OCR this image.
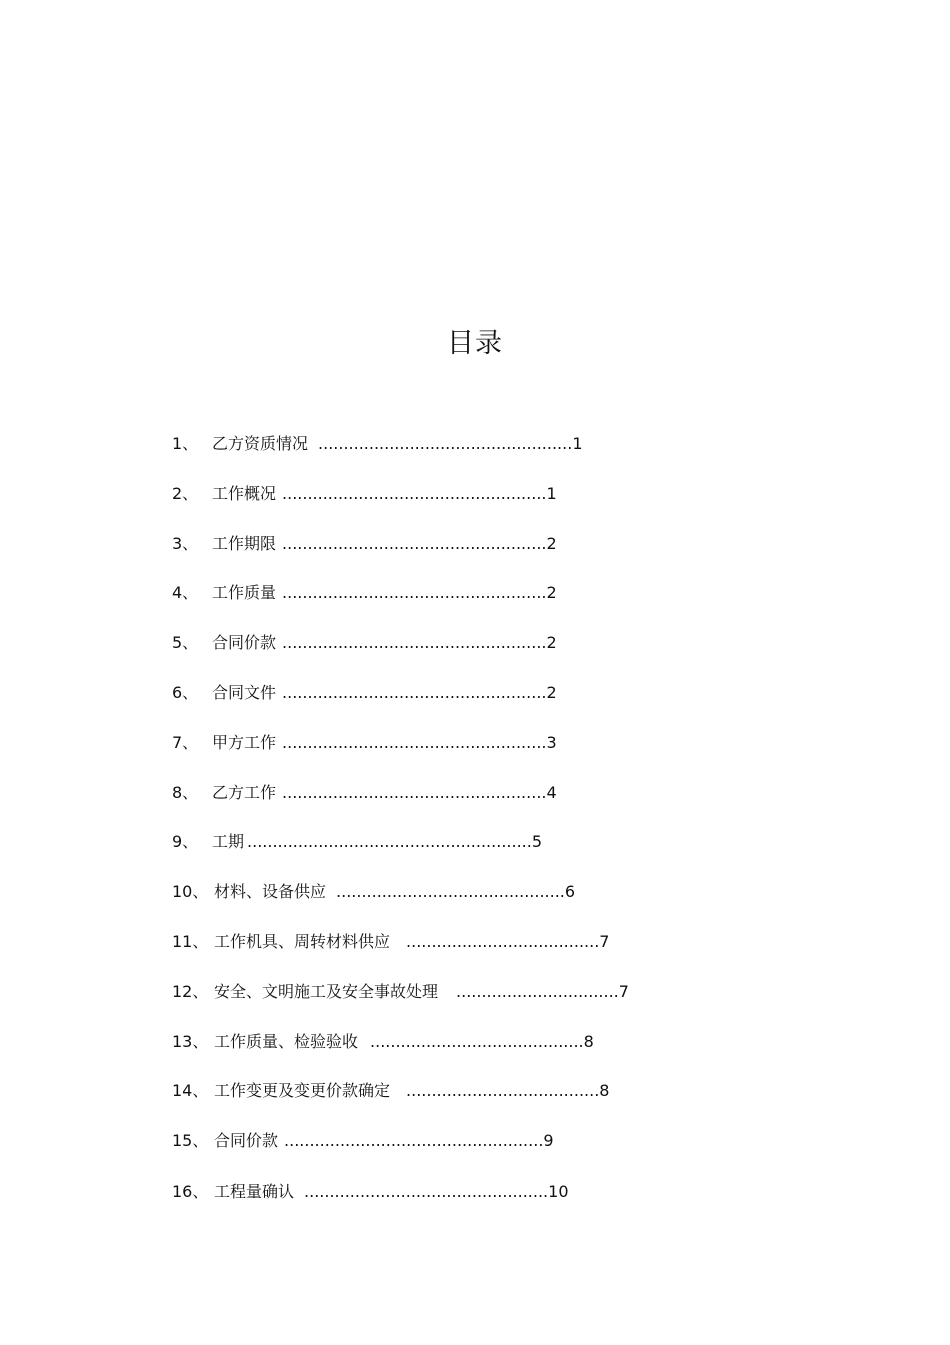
目录
1、 乙方资质情况 ..................................................1
2、 工作概况 ....................................................1
3、 工作期限 ....................................................2
4、 工作质量 ....................................................2
5、 合同价款 ....................................................2
6、 合同文件 ....................................................2
7、 甲方工作 ....................................................3
8、 乙方工作 ....................................................4
9、 工期 ........................................................5
10、 材料、设备供应 .............................................6
11、 工作机具、周转材料供应 ......................................7
12、 安全、文明施工及安全事故处理 ................................7
13、 工作质量、检验验收 ..........................................8
14、 工作变更及变更价款确定 ......................................8
15、 合同价款 ...................................................9
16、 工程量确认 ................................................10
